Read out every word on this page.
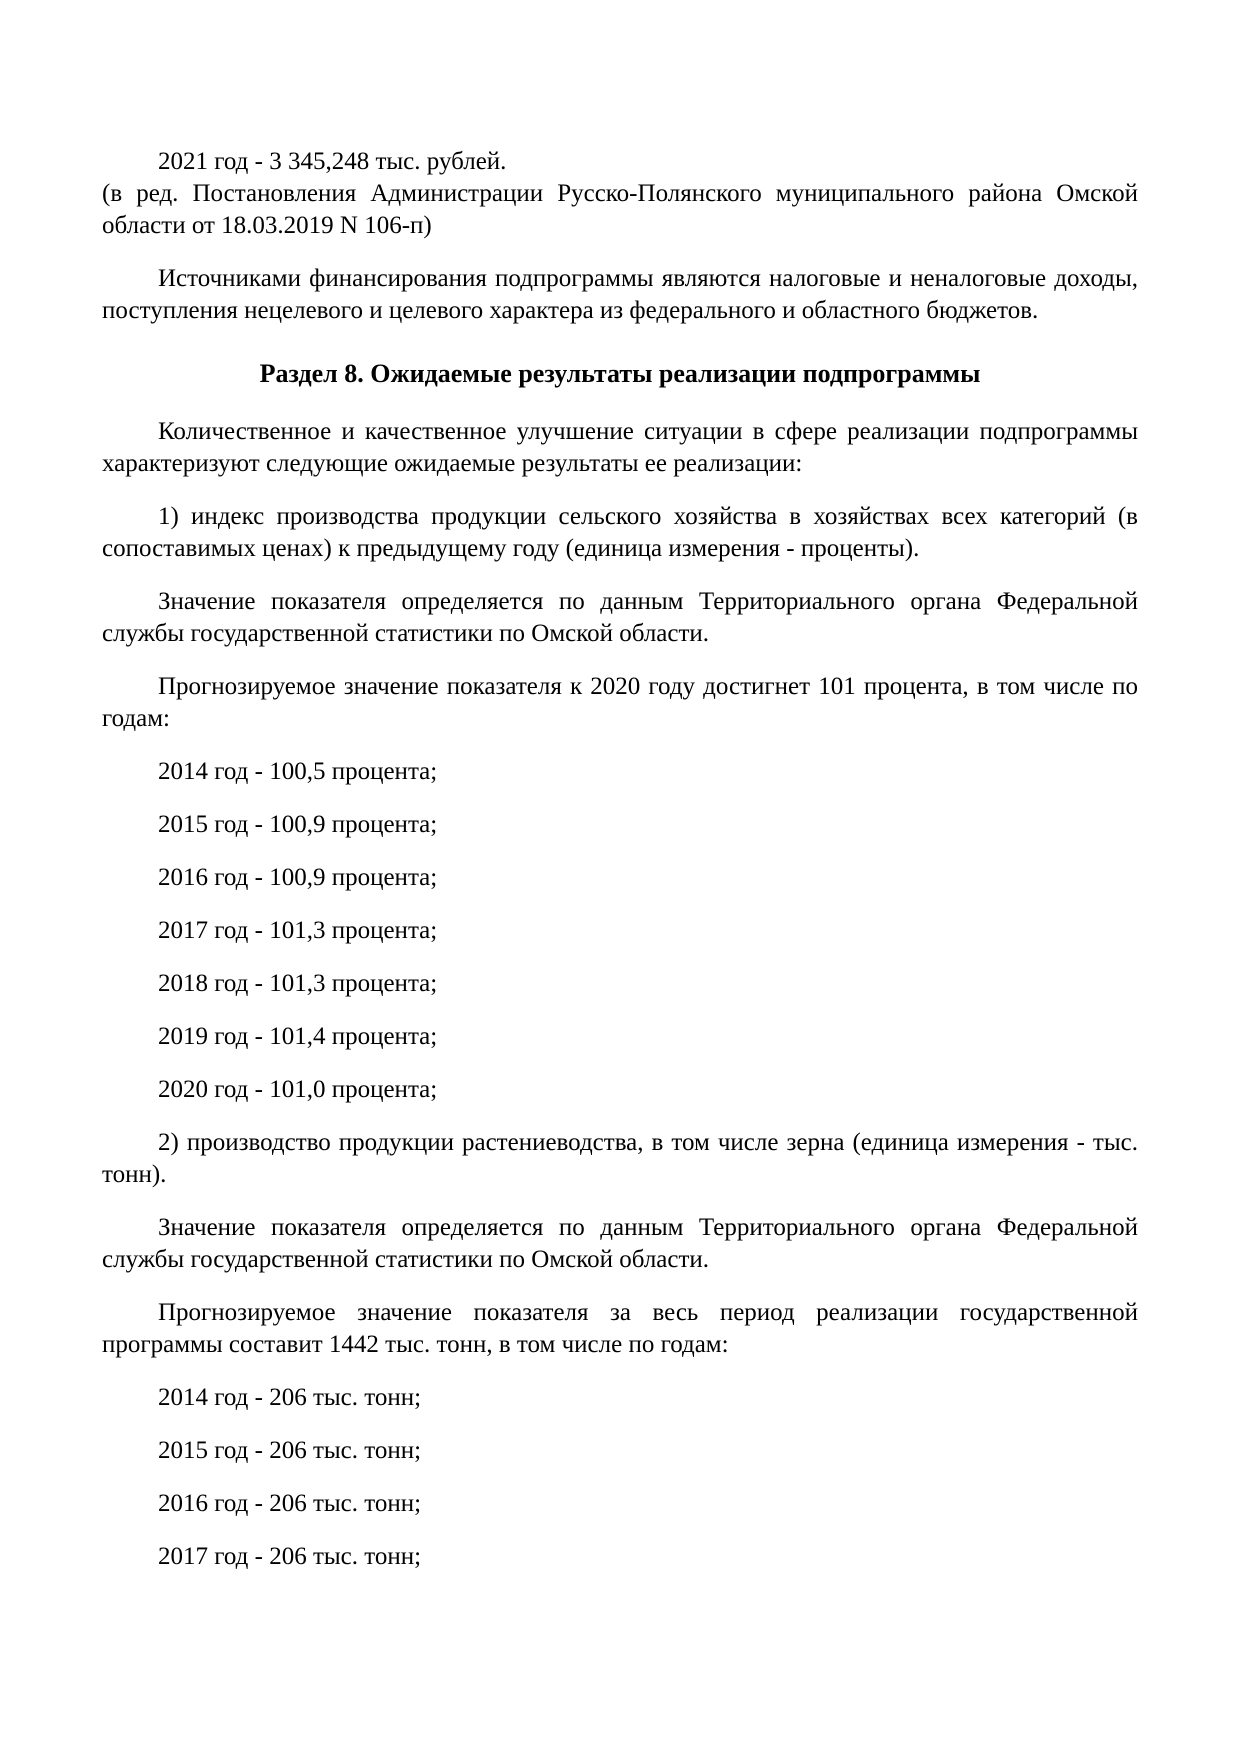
2021 год - 3 345,248 тыс. рублей.

(в ред. Постановления Администрации Русско-Полянского муниципального района Омской области от 18.03.2019 N 106-п)

Источниками финансирования подпрограммы являются налоговые и неналоговые доходы, поступления нецелевого и целевого характера из федерального и областного бюджетов.

Раздел 8. Ожидаемые результаты реализации подпрограммы

Количественное и качественное улучшение ситуации в сфере реализации подпрограммы характеризуют следующие ожидаемые результаты ее реализации:

1) индекс производства продукции сельского хозяйства в хозяйствах всех категорий (в сопоставимых ценах) к предыдущему году (единица измерения - проценты).

Значение показателя определяется по данным Территориального органа Федеральной службы государственной статистики по Омской области.

Прогнозируемое значение показателя к 2020 году достигнет 101 процента, в том числе по годам:

2014 год - 100,5 процента;

2015 год - 100,9 процента;

2016 год - 100,9 процента;

2017 год - 101,3 процента;

2018 год - 101,3 процента;

2019 год - 101,4 процента;

2020 год - 101,0 процента;

2) производство продукции растениеводства, в том числе зерна (единица измерения - тыс. тонн).

Значение показателя определяется по данным Территориального органа Федеральной службы государственной статистики по Омской области.

Прогнозируемое значение показателя за весь период реализации государственной программы составит 1442 тыс. тонн, в том числе по годам:

2014 год - 206 тыс. тонн;

2015 год - 206 тыс. тонн;

2016 год - 206 тыс. тонн;

2017 год - 206 тыс. тонн;
